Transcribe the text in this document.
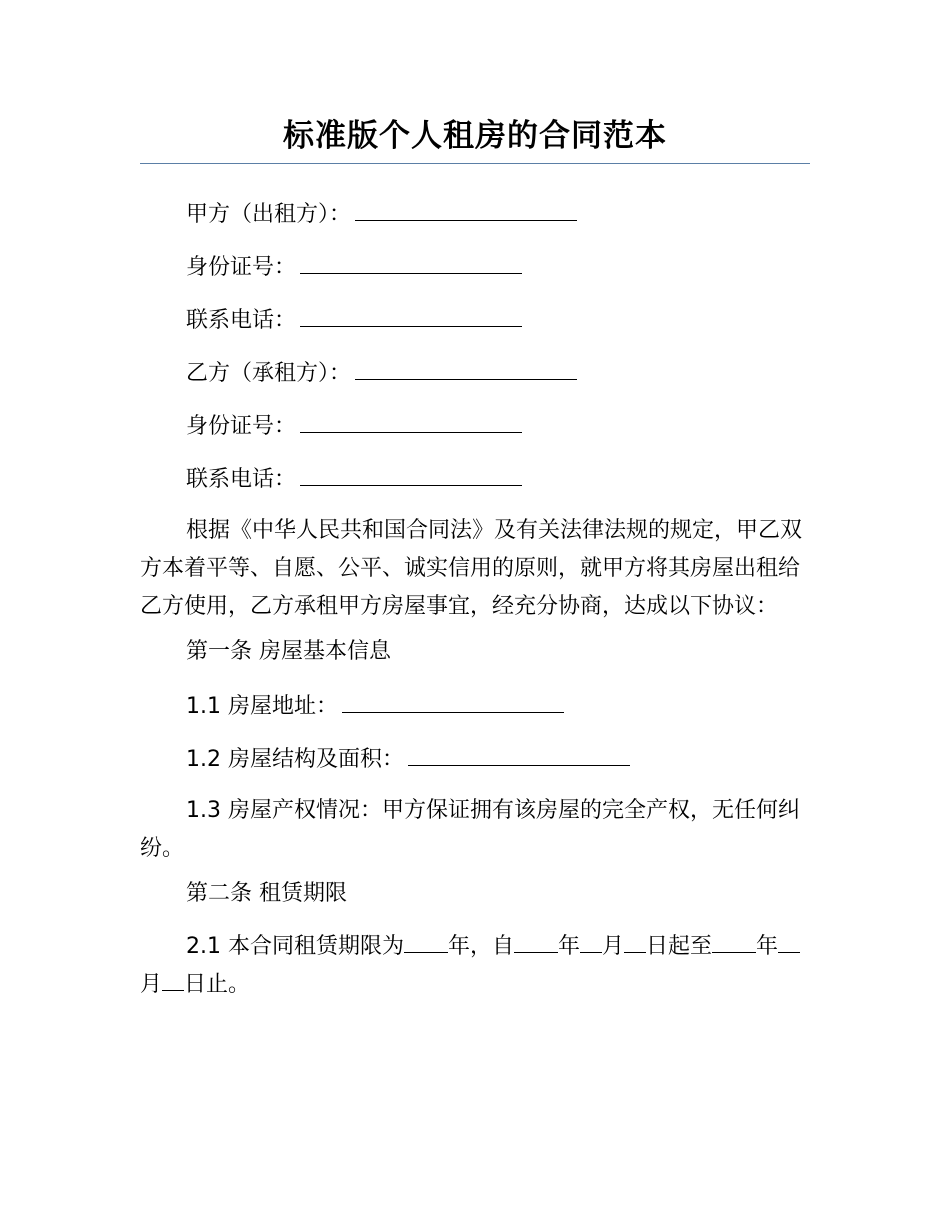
标准版个人租房的合同范本
甲方（出租方）：
身份证号：
联系电话：
乙方（承租方）：
身份证号：
联系电话：

根据《中华人民共和国合同法》及有关法律法规的规定，甲乙双方本着平等、自愿、公平、诚实信用的原则，就甲方将其房屋出租给乙方使用，乙方承租甲方房屋事宜，经充分协商，达成以下协议：

第一条 房屋基本信息
1.1 房屋地址：
1.2 房屋结构及面积：

1.3 房屋产权情况：甲方保证拥有该房屋的完全产权，无任何纠纷。

第二条 租赁期限

2.1 本合同租赁期限为 年，自 年 月 日起至 年月 日止。
